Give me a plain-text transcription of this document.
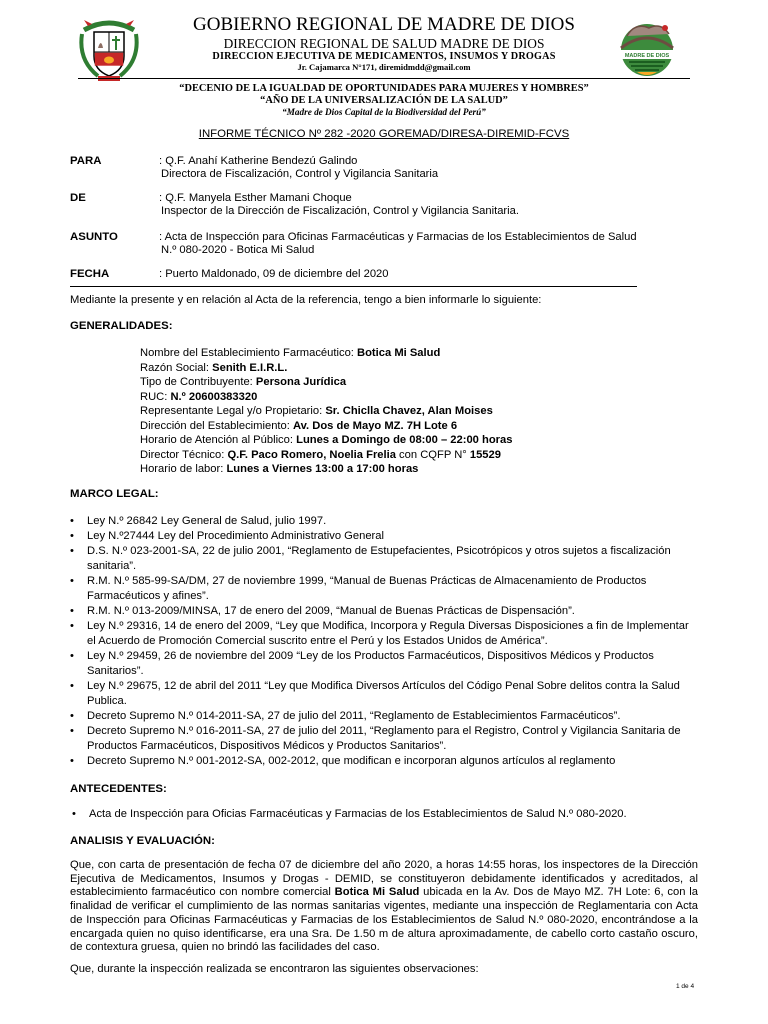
MADRE DE DIOS
GOBIERNO REGIONAL DE MADRE DE DIOS
DIRECCION REGIONAL DE SALUD MADRE DE DIOS
DIRECCION EJECUTIVA DE MEDICAMENTOS, INSUMOS Y DROGAS
Jr. Cajamarca N°171, diremidmdd@gmail.com
“DECENIO DE LA IGUALDAD DE OPORTUNIDADES PARA MUJERES Y HOMBRES”
“AÑO DE LA UNIVERSALIZACIÓN DE LA SALUD”
“Madre de Dios Capital de la Biodiversidad del Perú”
INFORME TÉCNICO Nº 282 -2020 GOREMAD/DIRESA-DIREMID-FCVS
PARA	: Q.F. Anahí Katherine Bendezú Galindo
Directora de Fiscalización, Control y Vigilancia Sanitaria
DE	: Q.F. Manyela Esther Mamani Choque
Inspector de la Dirección de Fiscalización, Control y Vigilancia Sanitaria.
ASUNTO	: Acta de Inspección para Oficinas Farmacéuticas y Farmacias de los Establecimientos de Salud
N.º 080-2020 - Botica Mi Salud
FECHA	: Puerto Maldonado, 09 de diciembre del 2020
Mediante la presente y en relación al Acta de la referencia, tengo a bien informarle lo siguiente:
GENERALIDADES:
Nombre del Establecimiento Farmacéutico: Botica Mi Salud
Razón Social: Senith E.I.R.L.
Tipo de Contribuyente: Persona Jurídica
RUC: N.º 20600383320
Representante Legal y/o Propietario: Sr. Chiclla Chavez, Alan Moises
Dirección del Establecimiento: Av. Dos de Mayo MZ. 7H Lote 6
Horario de Atención al Público: Lunes a Domingo de 08:00 – 22:00 horas
Director Técnico: Q.F. Paco Romero, Noelia Frelia con CQFP N° 15529
Horario de labor: Lunes a Viernes 13:00 a 17:00 horas
MARCO LEGAL:
• Ley N.º 26842 Ley General de Salud, julio 1997.
• Ley N.º27444 Ley del Procedimiento Administrativo General
• D.S. N.º 023-2001-SA, 22 de julio 2001, “Reglamento de Estupefacientes, Psicotrópicos y otros sujetos a fiscalización sanitaria”.
• R.M. N.º 585-99-SA/DM, 27 de noviembre 1999, “Manual de Buenas Prácticas de Almacenamiento de Productos Farmacéuticos y afines”.
• R.M. N.º 013-2009/MINSA, 17 de enero del 2009, “Manual de Buenas Prácticas de Dispensación”.
• Ley N.º 29316, 14 de enero del 2009, “Ley que Modifica, Incorpora y Regula Diversas Disposiciones a fin de Implementar el Acuerdo de Promoción Comercial suscrito entre el Perú y los Estados Unidos de América”.
• Ley N.º 29459, 26 de noviembre del 2009 “Ley de los Productos Farmacéuticos, Dispositivos Médicos y Productos Sanitarios”.
• Ley N.º 29675, 12 de abril del 2011 “Ley que Modifica Diversos Artículos del Código Penal Sobre delitos contra la Salud Publica.
• Decreto Supremo N.º 014-2011-SA, 27 de julio del 2011, “Reglamento de Establecimientos Farmacéuticos”.
• Decreto Supremo N.º 016-2011-SA, 27 de julio del 2011, “Reglamento para el Registro, Control y Vigilancia Sanitaria de Productos Farmacéuticos, Dispositivos Médicos y Productos Sanitarios”.
• Decreto Supremo N.º 001-2012-SA, 002-2012, que modifican e incorporan algunos artículos al reglamento
ANTECEDENTES:
• Acta de Inspección para Oficias Farmacéuticas y Farmacias de los Establecimientos de Salud N.º 080-2020.
ANALISIS Y EVALUACIÓN:
Que, con carta de presentación de fecha 07 de diciembre del año 2020, a horas 14:55 horas, los inspectores de la Dirección Ejecutiva de Medicamentos, Insumos y Drogas - DEMID, se constituyeron debidamente identificados y acreditados, al establecimiento farmacéutico con nombre comercial Botica Mi Salud ubicada en la Av. Dos de Mayo MZ. 7H Lote: 6, con la finalidad de verificar el cumplimiento de las normas sanitarias vigentes, mediante una inspección de Reglamentaria con Acta de Inspección para Oficinas Farmacéuticas y Farmacias de los Establecimientos de Salud N.º 080-2020, encontrándose a la encargada quien no quiso identificarse, era una Sra. De 1.50 m de altura aproximadamente, de cabello corto castaño oscuro, de contextura gruesa, quien no brindó las facilidades del caso.
Que, durante la inspección realizada se encontraron las siguientes observaciones:
1 de 4
